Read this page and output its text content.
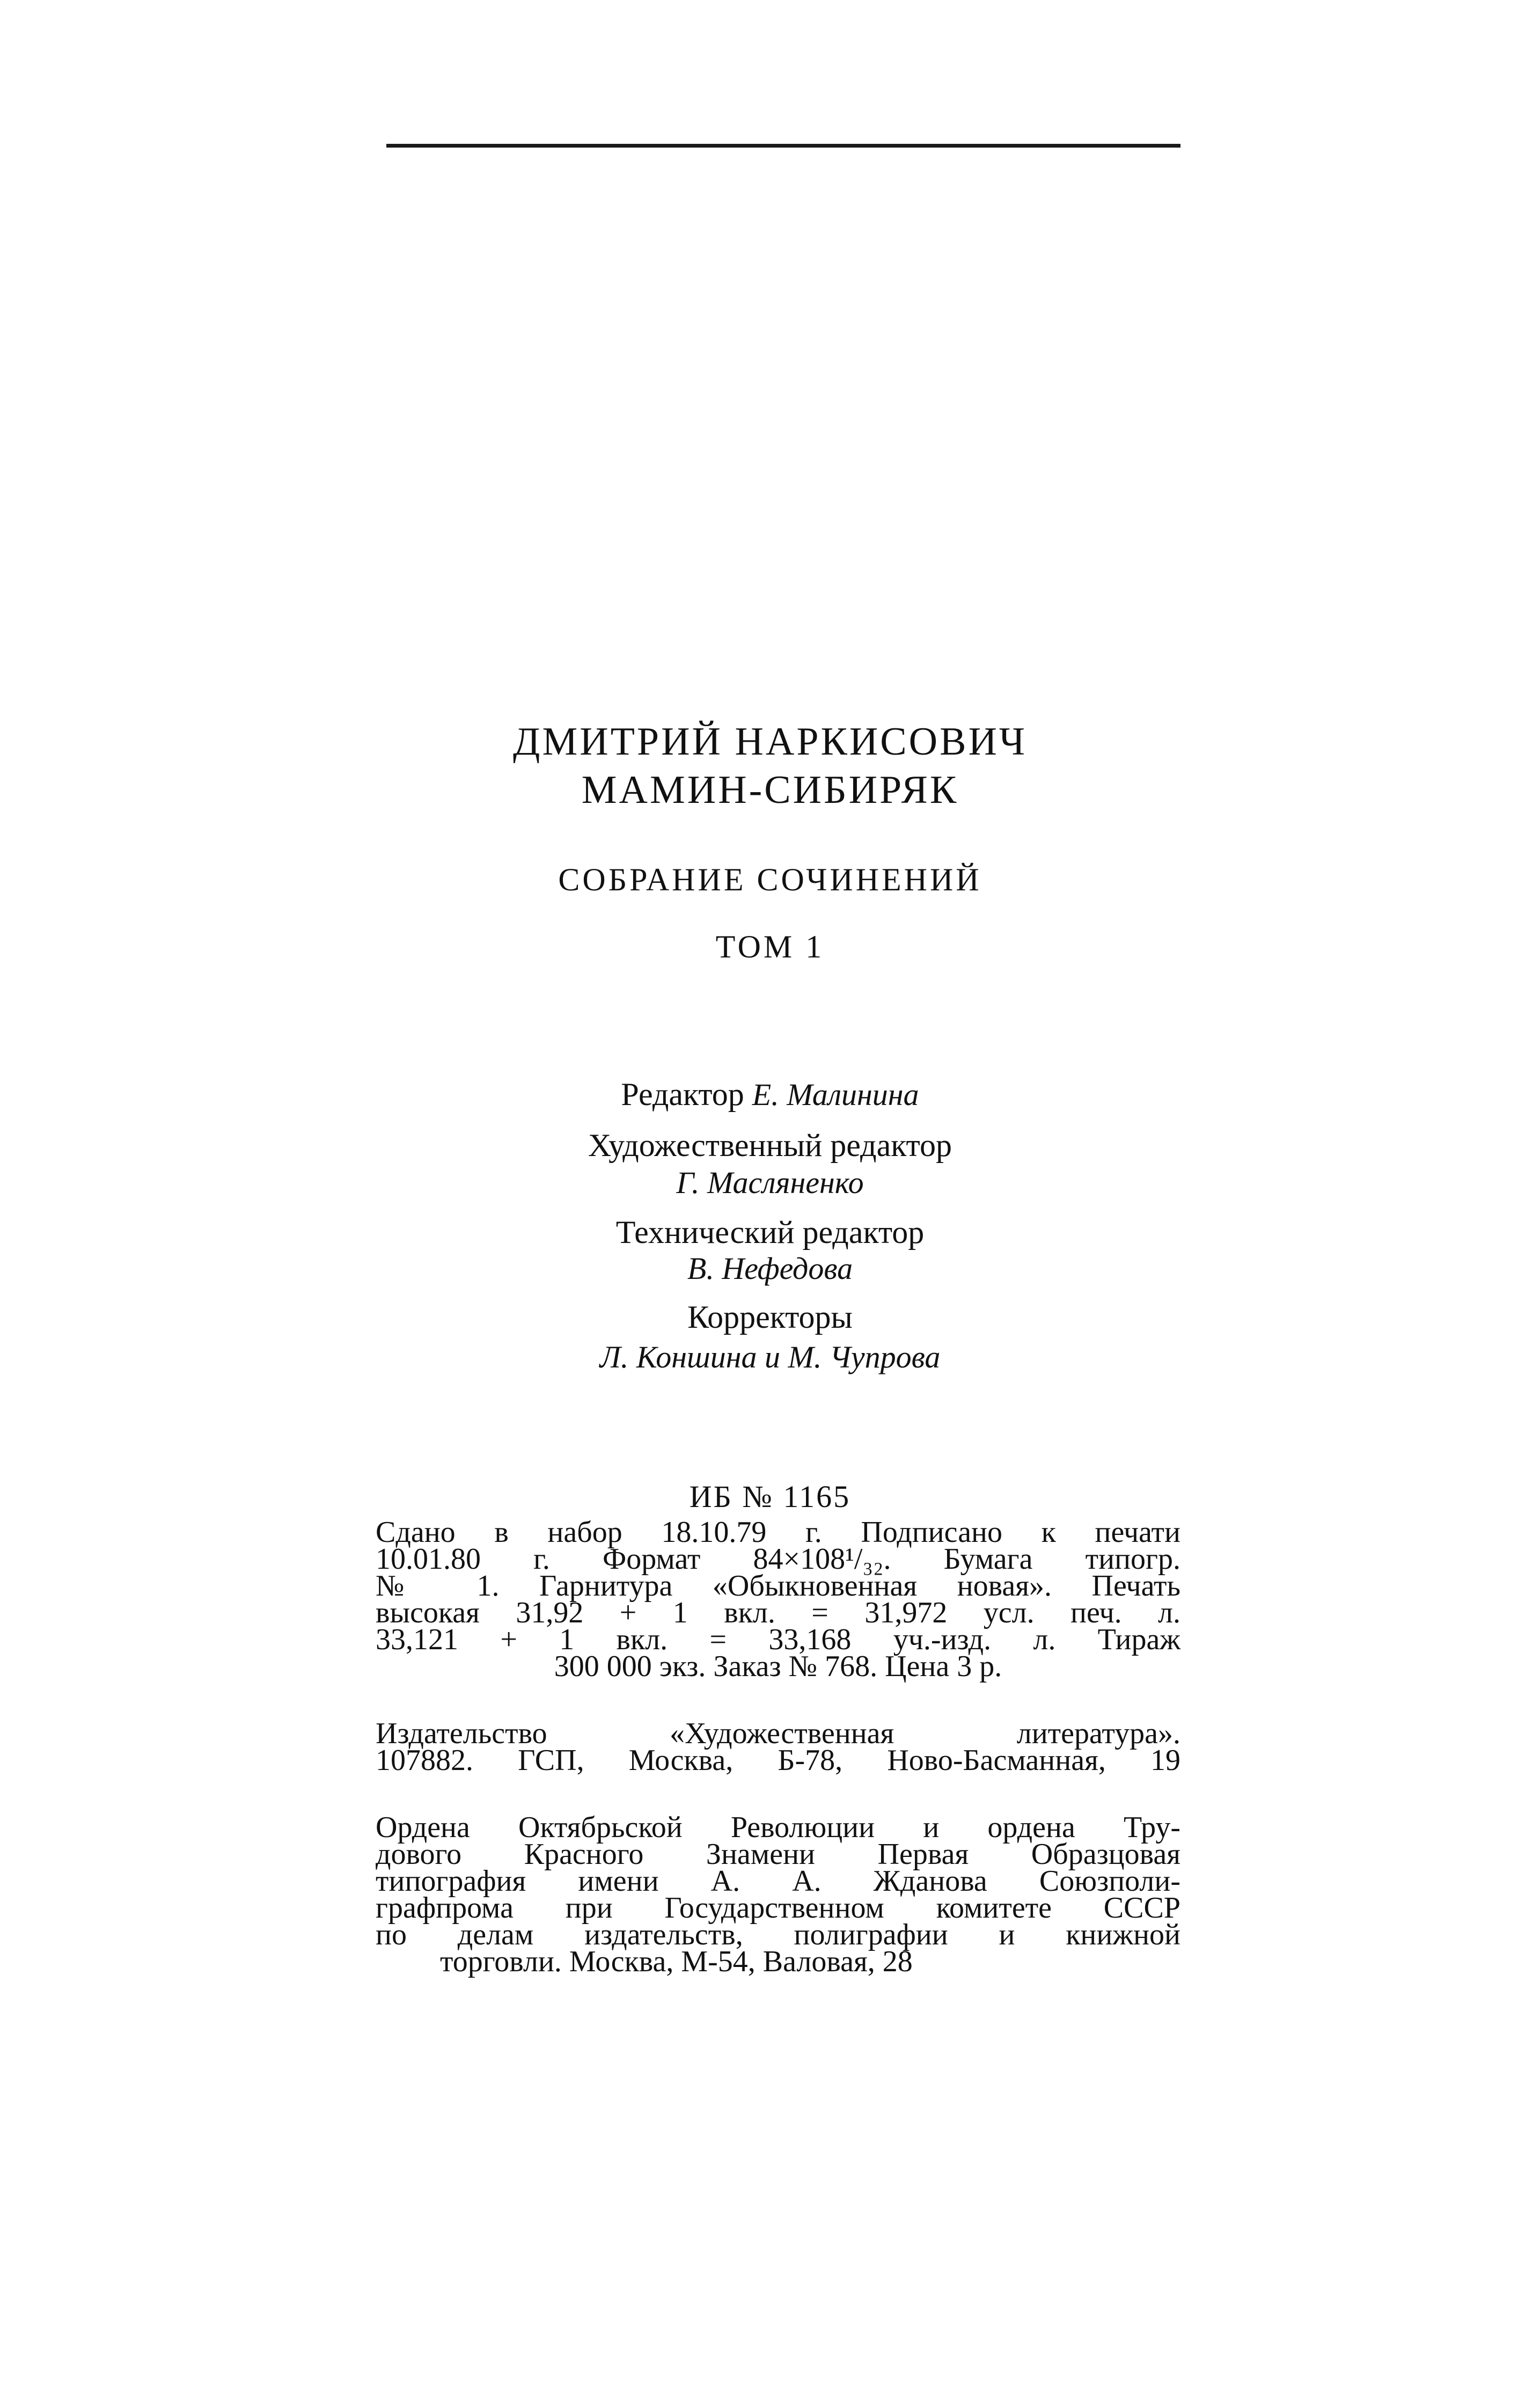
ДМИТРИЙ НАРКИСОВИЧ
МАМИН-СИБИРЯК
СОБРАНИЕ СОЧИНЕНИЙ
ТОМ 1
Редактор Е. Малинина
Художественный редактор
Г. Масляненко
Технический редактор
В. Нефедова
Корректоры
Л. Коншина и М. Чупрова
ИБ № 1165
Сдано в набор 18.10.79 г. Подписано к печати
10.01.80 г. Формат 84×108¹/₃₂. Бумага типогр.
№ 1. Гарнитура «Обыкновенная новая». Печать
высокая 31,92 + 1 вкл. = 31,972 усл. печ. л.
33,121 + 1 вкл. = 33,168 уч.-изд. л. Тираж
300 000 экз. Заказ № 768. Цена 3 р.
Издательство «Художественная литература».
107882. ГСП, Москва, Б-78, Ново-Басманная, 19
Ордена Октябрьской Революции и ордена Тру-
дового Красного Знамени Первая Образцовая
типография имени А. А. Жданова Союзполи-
графпрома при Государственном комитете СССР
по делам издательств, полиграфии и книжной
торговли. Москва, М-54, Валовая, 28
